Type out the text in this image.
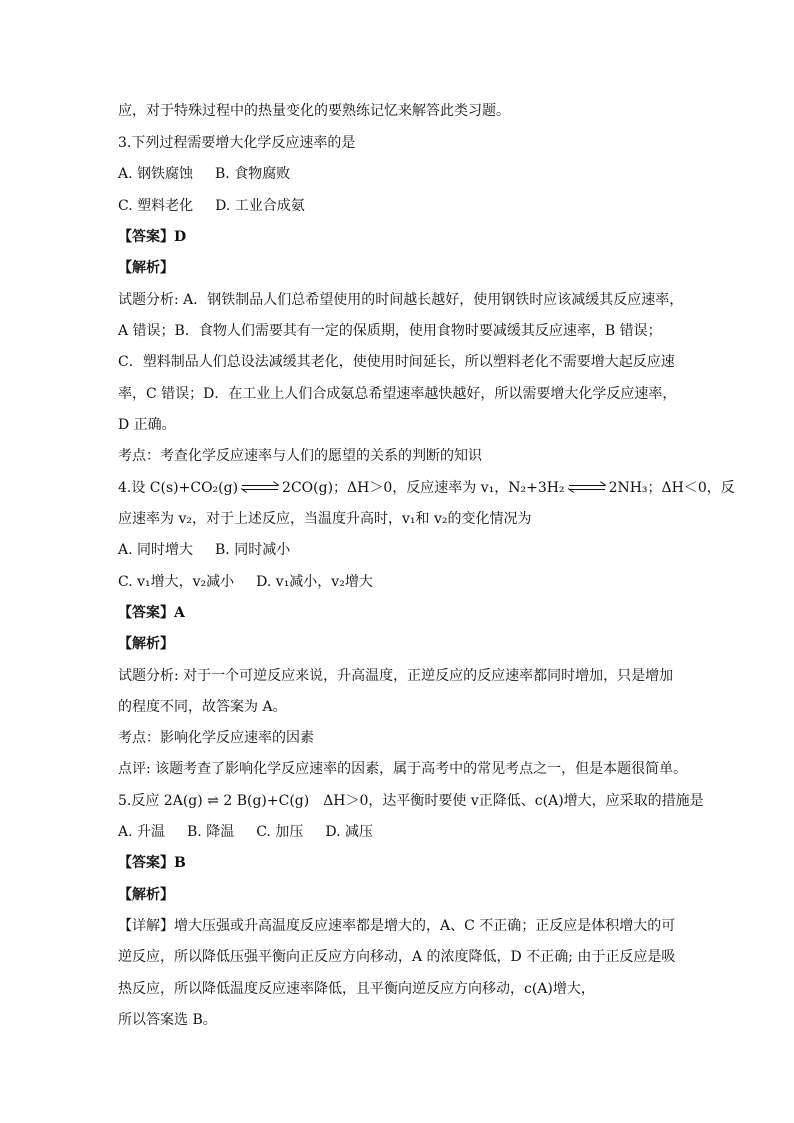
应，对于特殊过程中的热量变化的要熟练记忆来解答此类习题。
3.下列过程需要增大化学反应速率的是
A. 钢铁腐蚀 B. 食物腐败
C. 塑料老化 D. 工业合成氨
【答案】D
【解析】
试题分析: A．钢铁制品人们总希望使用的时间越长越好，使用钢铁时应该减缓其反应速率，
A 错误；B．食物人们需要其有一定的保质期，使用食物时要减缓其反应速率，B 错误；
C．塑料制品人们总设法减缓其老化，使使用时间延长，所以塑料老化不需要增大起反应速
率，C 错误；D．在工业上人们合成氨总希望速率越快越好，所以需要增大化学反应速率，
D 正确。
考点：考查化学反应速率与人们的愿望的关系的判断的知识
4.设 C(s)+CO₂(g)	2CO(g)；ΔH＞0，反应速率为 v₁，N₂+3H₂	2NH₃；ΔH＜0，反
应速率为 v₂，对于上述反应，当温度升高时，v₁和 v₂的变化情况为
A. 同时增大 B. 同时减小
C. v₁增大，v₂减小 D. v₁减小，v₂增大
【答案】A
【解析】
试题分析: 对于一个可逆反应来说，升高温度，正逆反应的反应速率都同时增加，只是增加
的程度不同，故答案为 A。
考点：影响化学反应速率的因素
点评: 该题考查了影响化学反应速率的因素，属于高考中的常见考点之一，但是本题很简单。
5.反应 2A(g) ⇌ 2 B(g)+C(g)　ΔH＞0，达平衡时要使 v正降低、c(A)增大，应采取的措施是
A. 升温 B. 降温 C. 加压 D. 减压
【答案】B
【解析】
【详解】增大压强或升高温度反应速率都是增大的，A、C 不正确；正反应是体积增大的可
逆反应，所以降低压强平衡向正反应方向移动，A 的浓度降低，D 不正确; 由于正反应是吸
热反应，所以降低温度反应速率降低，且平衡向逆反应方向移动，c(A)增大，
所以答案选 B。
